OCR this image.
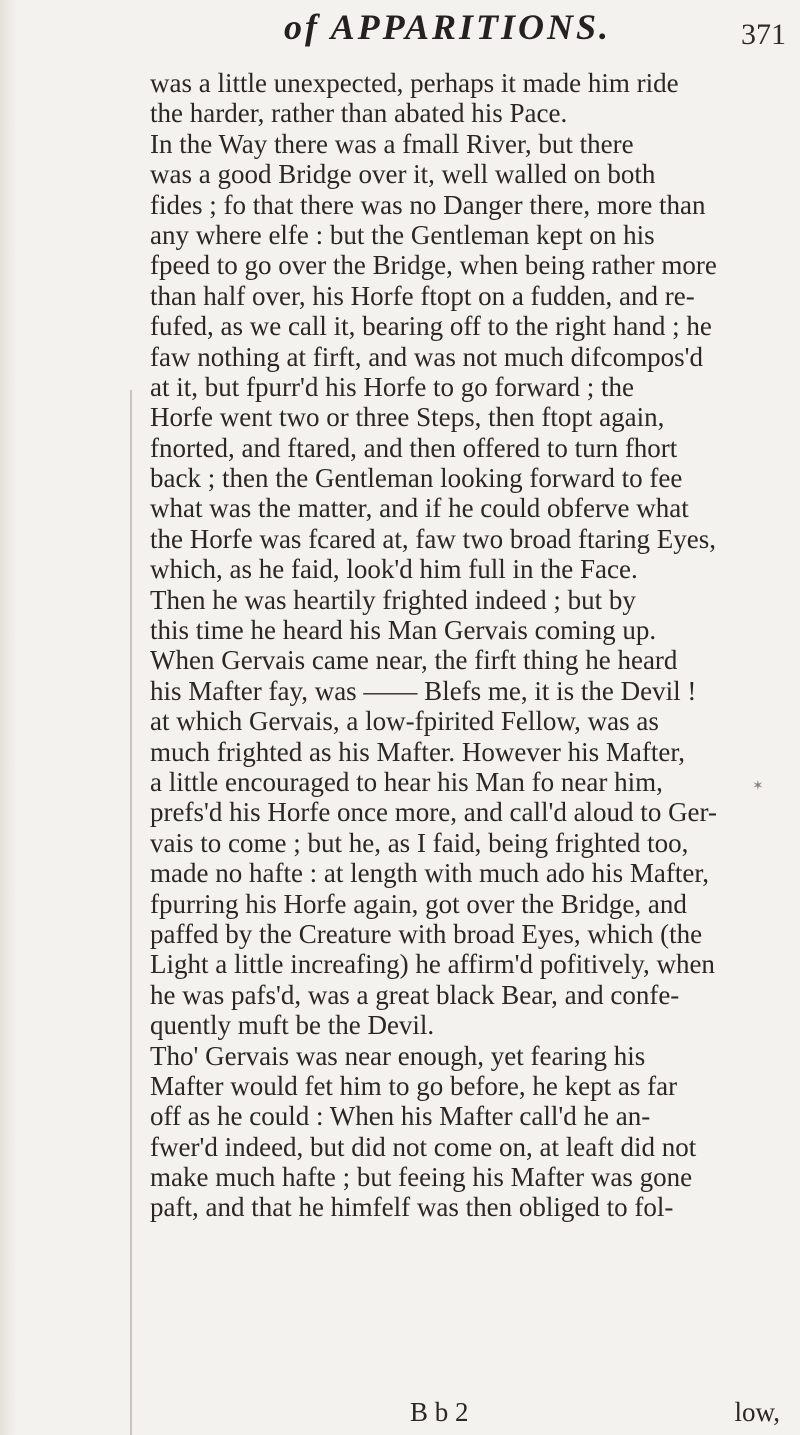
of APPARITIONS.	371
was a little unexpected, perhaps it made him ride
the harder, rather than abated his Pace.
In the Way there was a fmall River, but there
was a good Bridge over it, well walled on both
fides ; fo that there was no Danger there, more than
any where elfe : but the Gentleman kept on his
fpeed to go over the Bridge, when being rather more
than half over, his Horfe ftopt on a fudden, and re-
fufed, as we call it, bearing off to the right hand ; he
faw nothing at firft, and was not much difcompos'd
at it, but fpurr'd his Horfe to go forward ; the
Horfe went two or three Steps, then ftopt again,
fnorted, and ftared, and then offered to turn fhort
back ; then the Gentleman looking forward to fee
what was the matter, and if he could obferve what
the Horfe was fcared at, faw two broad ftaring Eyes,
which, as he faid, look'd him full in the Face.
Then he was heartily frighted indeed ; but by
this time he heard his Man Gervais coming up.
When Gervais came near, the firft thing he heard
his Mafter fay, was —— Blefs me, it is the Devil !
at which Gervais, a low-fpirited Fellow, was as
much frighted as his Mafter. However his Mafter,
a little encouraged to hear his Man fo near him,
prefs'd his Horfe once more, and call'd aloud to Ger-
vais to come ; but he, as I faid, being frighted too,
made no hafte : at length with much ado his Mafter,
fpurring his Horfe again, got over the Bridge, and
paffed by the Creature with broad Eyes, which (the
Light a little increafing) he affirm'd pofitively, when
he was pafs'd, was a great black Bear, and confe-
quently muft be the Devil.
Tho' Gervais was near enough, yet fearing his
Mafter would fet him to go before, he kept as far
off as he could : When his Mafter call'd he an-
fwer'd indeed, but did not come on, at leaft did not
make much hafte ; but feeing his Mafter was gone
paft, and that he himfelf was then obliged to fol-
B b 2	low,
✶
